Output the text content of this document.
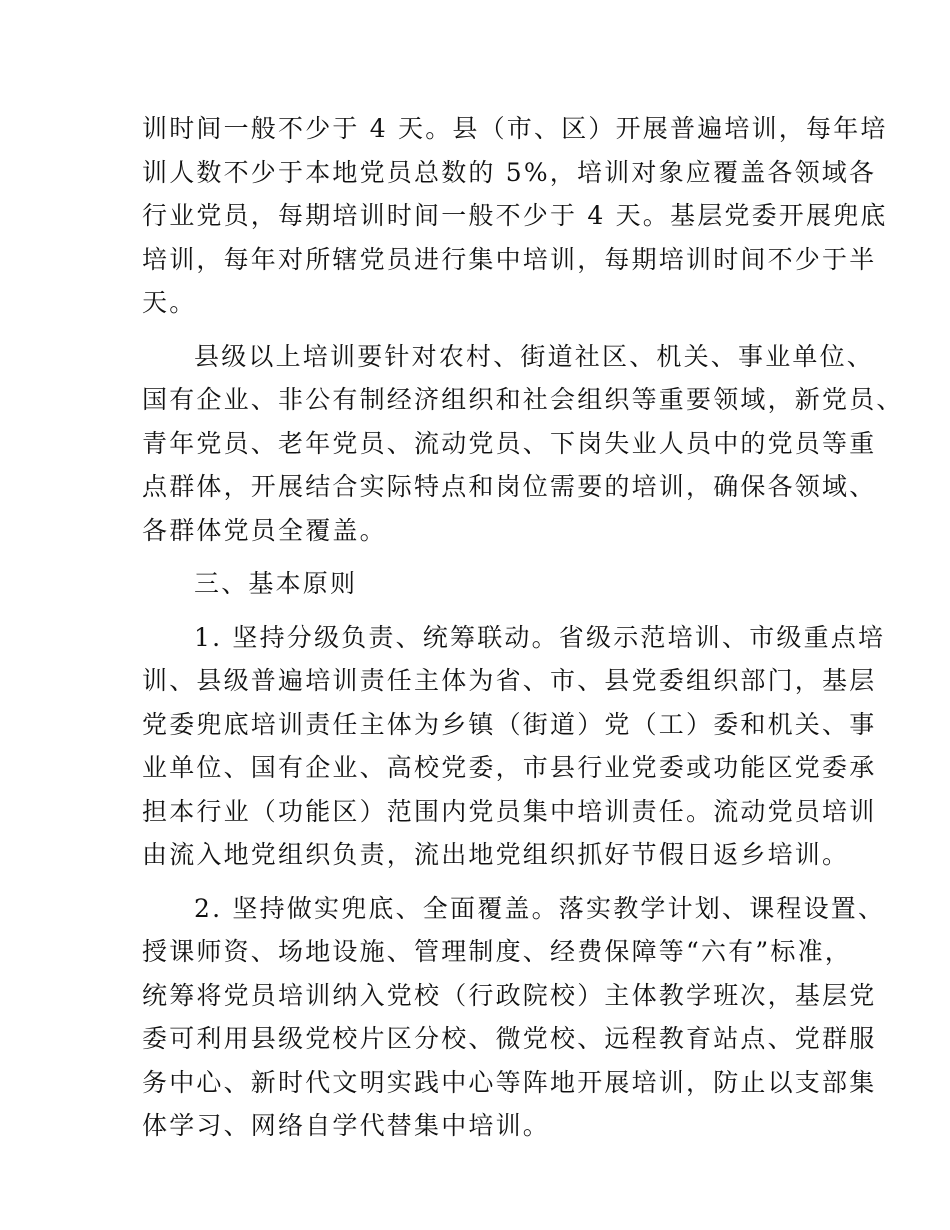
训时间一般不少于 4 天。县（市、区）开展普遍培训，每年培
训人数不少于本地党员总数的 5%，培训对象应覆盖各领域各
行业党员，每期培训时间一般不少于 4 天。基层党委开展兜底
培训，每年对所辖党员进行集中培训，每期培训时间不少于半
天。

县级以上培训要针对农村、街道社区、机关、事业单位、
国有企业、非公有制经济组织和社会组织等重要领域，新党员、
青年党员、老年党员、流动党员、下岗失业人员中的党员等重
点群体，开展结合实际特点和岗位需要的培训，确保各领域、
各群体党员全覆盖。

三、基本原则

1. 坚持分级负责、统筹联动。省级示范培训、市级重点培
训、县级普遍培训责任主体为省、市、县党委组织部门，基层
党委兜底培训责任主体为乡镇（街道）党（工）委和机关、事
业单位、国有企业、高校党委，市县行业党委或功能区党委承
担本行业（功能区）范围内党员集中培训责任。流动党员培训
由流入地党组织负责，流出地党组织抓好节假日返乡培训。

2. 坚持做实兜底、全面覆盖。落实教学计划、课程设置、
授课师资、场地设施、管理制度、经费保障等“六有”标准，
统筹将党员培训纳入党校（行政院校）主体教学班次，基层党
委可利用县级党校片区分校、微党校、远程教育站点、党群服
务中心、新时代文明实践中心等阵地开展培训，防止以支部集
体学习、网络自学代替集中培训。
